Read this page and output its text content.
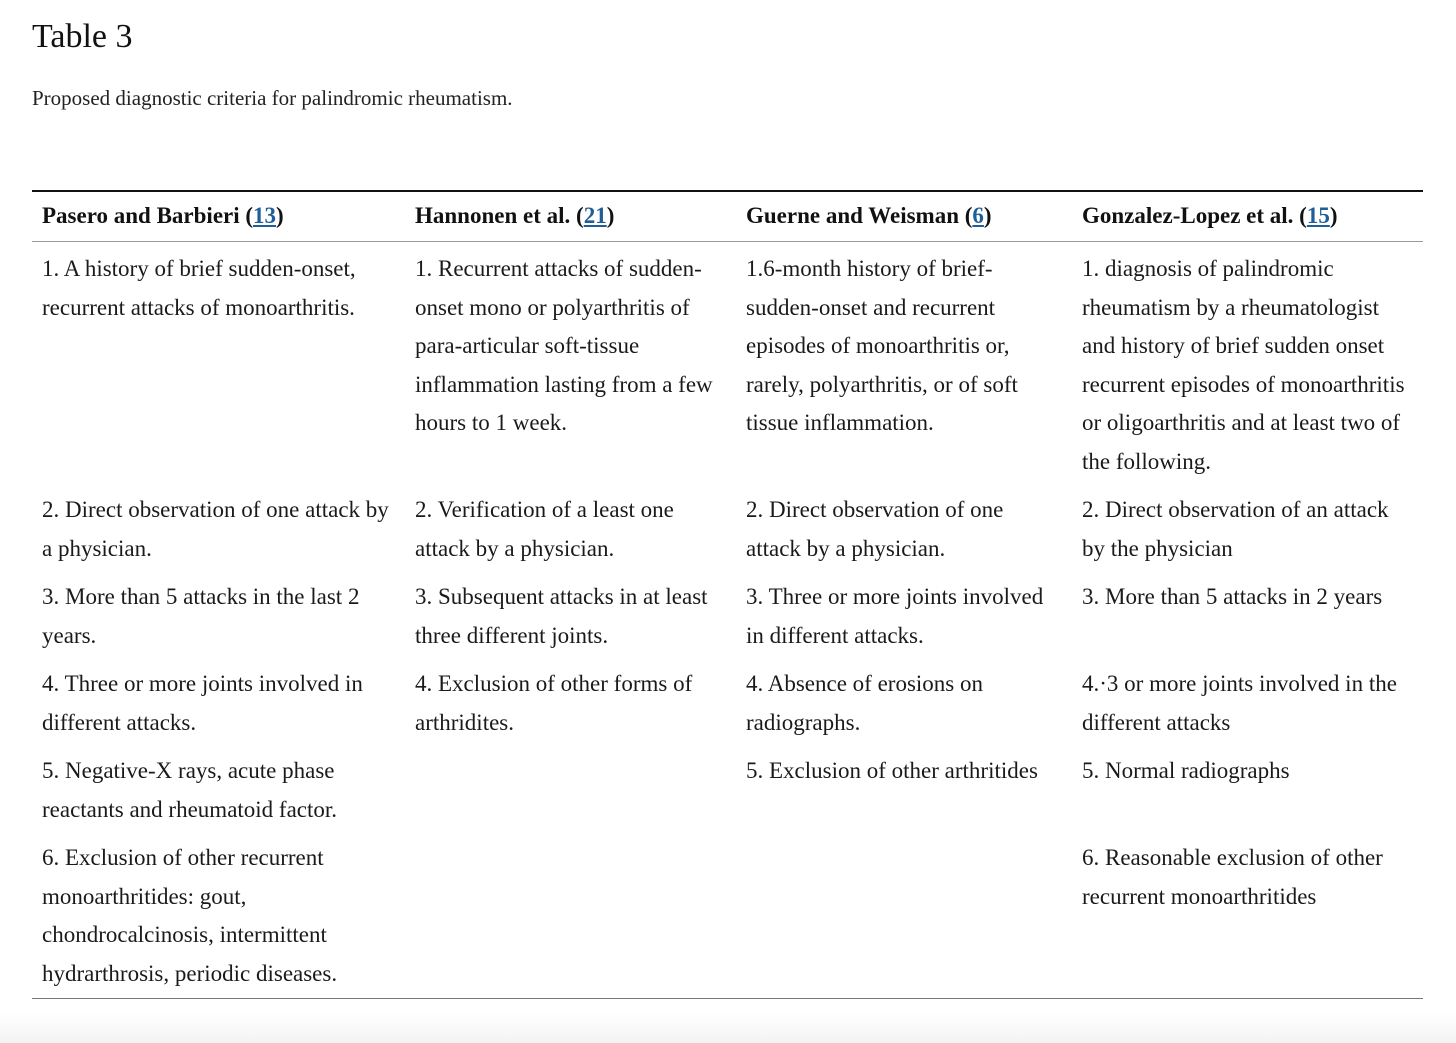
Table 3

Proposed diagnostic criteria for palindromic rheumatism.

Pasero and Barbieri (13)	Hannonen et al. (21)	Guerne and Weisman (6)	Gonzalez-Lopez et al. (15)
1. A history of brief sudden-onset, recurrent attacks of monoarthritis.	1. Recurrent attacks of sudden-onset mono or polyarthritis of para-articular soft-tissue inflammation lasting from a few hours to 1 week.	1.6-month history of brief-sudden-onset and recurrent episodes of monoarthritis or, rarely, polyarthritis, or of soft tissue inflammation.	1. diagnosis of palindromic rheumatism by a rheumatologist and history of brief sudden onset recurrent episodes of monoarthritis or oligoarthritis and at least two of the following.
2. Direct observation of one attack by a physician.	2. Verification of a least one attack by a physician.	2. Direct observation of one attack by a physician.	2. Direct observation of an attack by the physician
3. More than 5 attacks in the last 2 years.	3. Subsequent attacks in at least three different joints.	3. Three or more joints involved in different attacks.	3. More than 5 attacks in 2 years
4. Three or more joints involved in different attacks.	4. Exclusion of other forms of arthridites.	4. Absence of erosions on radiographs.	4.·3 or more joints involved in the different attacks
5. Negative-X rays, acute phase reactants and rheumatoid factor.		5. Exclusion of other arthritides	5. Normal radiographs
6. Exclusion of other recurrent monoarthritides: gout, chondrocalcinosis, intermittent hydrarthrosis, periodic diseases.			6. Reasonable exclusion of other recurrent monoarthritides
